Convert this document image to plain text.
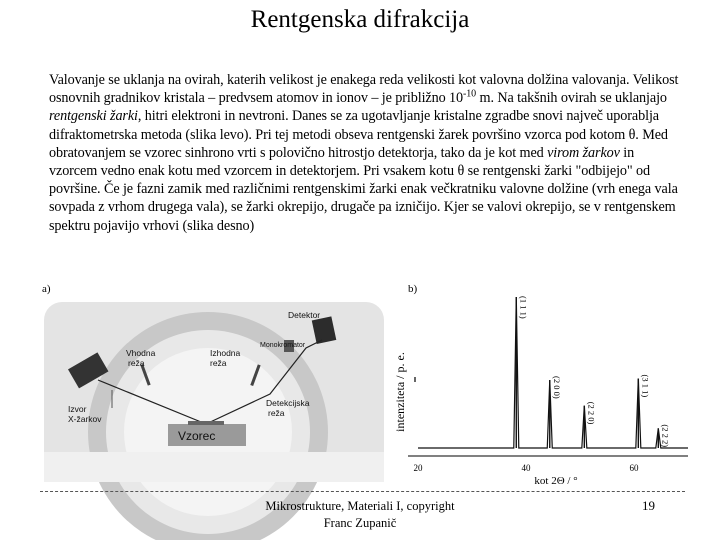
Rentgenska difrakcija
Valovanje se uklanja na ovirah, katerih velikost je enakega reda velikosti kot valovna dolžina valovanja. Velikost osnovnih gradnikov kristala – predvsem atomov in ionov – je približno $10^{-10}$ m. Na takšnih ovirah se uklanjajo rentgenski žarki, hitri elektroni in nevtroni. Danes se za ugotavljanje kristalne zgradbe snovi največ uporablja difraktometrska metoda (slika levo). Pri tej metodi obseva rentgenski žarek površino vzorca pod kotom θ. Med obratovanjem se vzorec sinhrono vrti s polovično hitrostjo detektorja, tako da je kot med virom žarkov in vzorcem vedno enak kotu med vzorcem in detektorjem. Pri vsakem kotu θ se rentgenski žarki "odbijejo" od površine. Če je fazni zamik med različnimi rentgenskimi žarki enak večkratniku valovne dolžine (vrh enega vala sovpada z vrhom drugega vala), se žarki okrepijo, drugače pa izničijo. Kjer se valovi okrepijo, se v rentgenskem spektru pojavijo vrhovi (slika desno)
a)
Detektor
Monokromator
Vhodna
reža
Izhodna
reža
Detekcijska
reža
Izvor
X-žarkov
Vzorec
b)
intenziteta / p. e.
kot 2Θ / °
(1 1 1)
(2 0 0)
(2 2 0)
(3 1 1)
(2 2 2)
20	40	60
Mikrostrukture, Materiali I, copyright
Franc Zupanič
19
